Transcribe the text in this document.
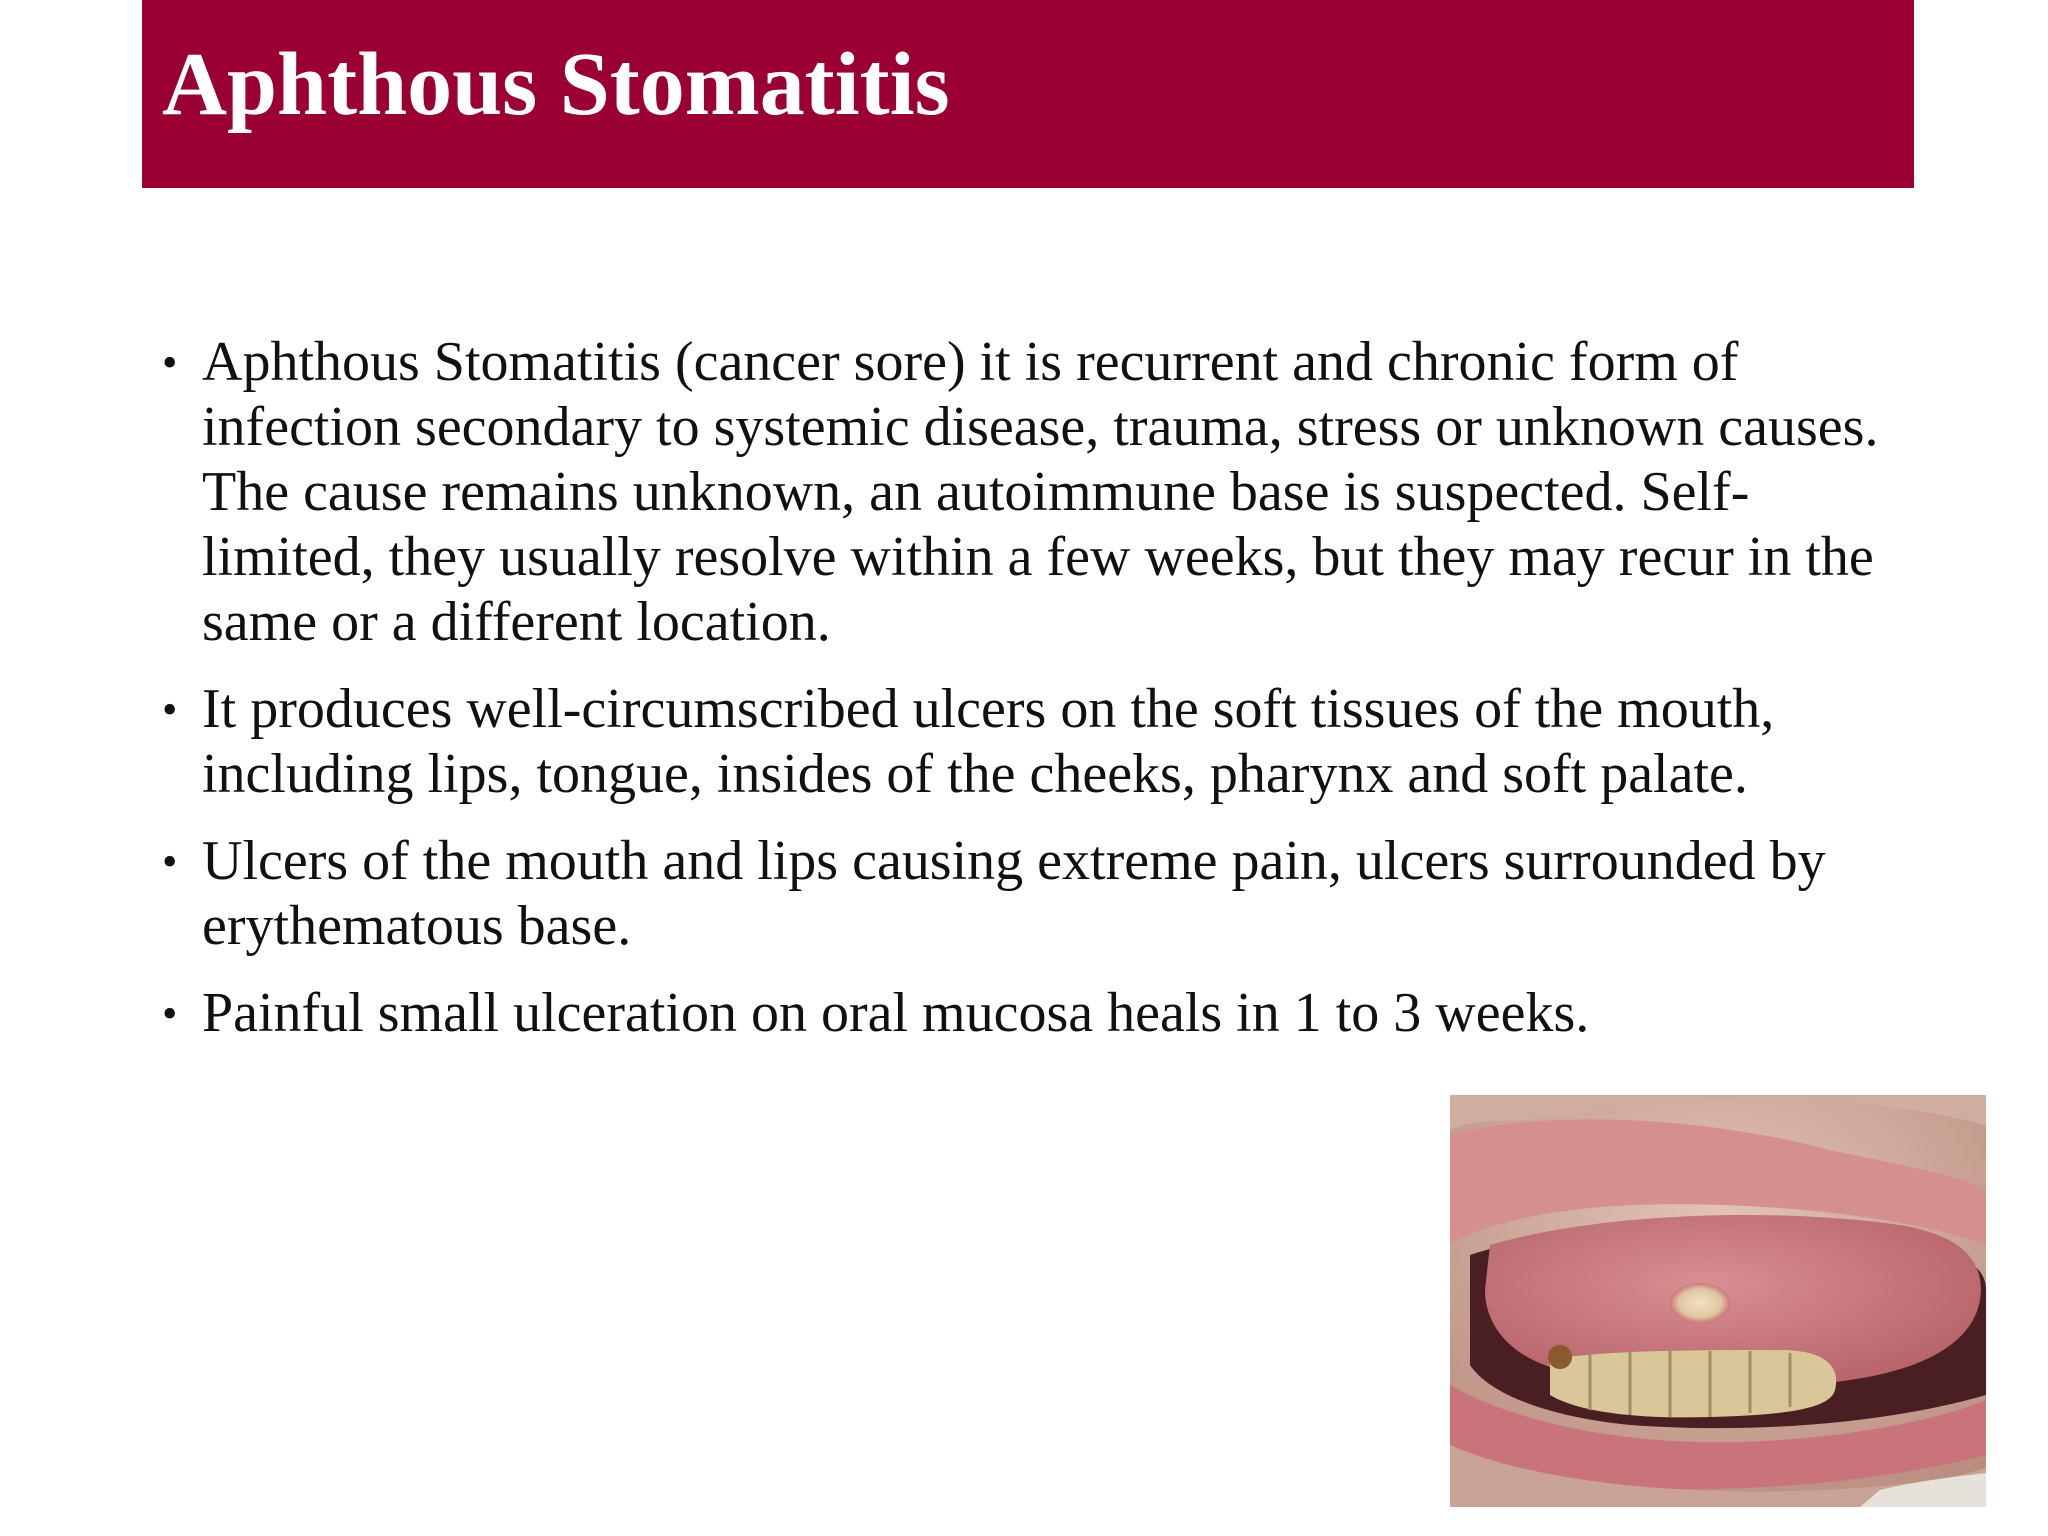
Aphthous Stomatitis
• Aphthous Stomatitis (cancer sore) it is recurrent and chronic form of infection secondary to systemic disease, trauma, stress or unknown causes. The cause remains unknown, an autoimmune base is suspected. Self-limited, they usually resolve within a few weeks, but they may recur in the same or a different location.
• It produces well-circumscribed ulcers on the soft tissues of the mouth, including lips, tongue, insides of the cheeks, pharynx and soft palate.
• Ulcers of the mouth and lips causing extreme pain, ulcers surrounded by erythematous base.
• Painful small ulceration on oral mucosa heals in 1 to 3 weeks.
